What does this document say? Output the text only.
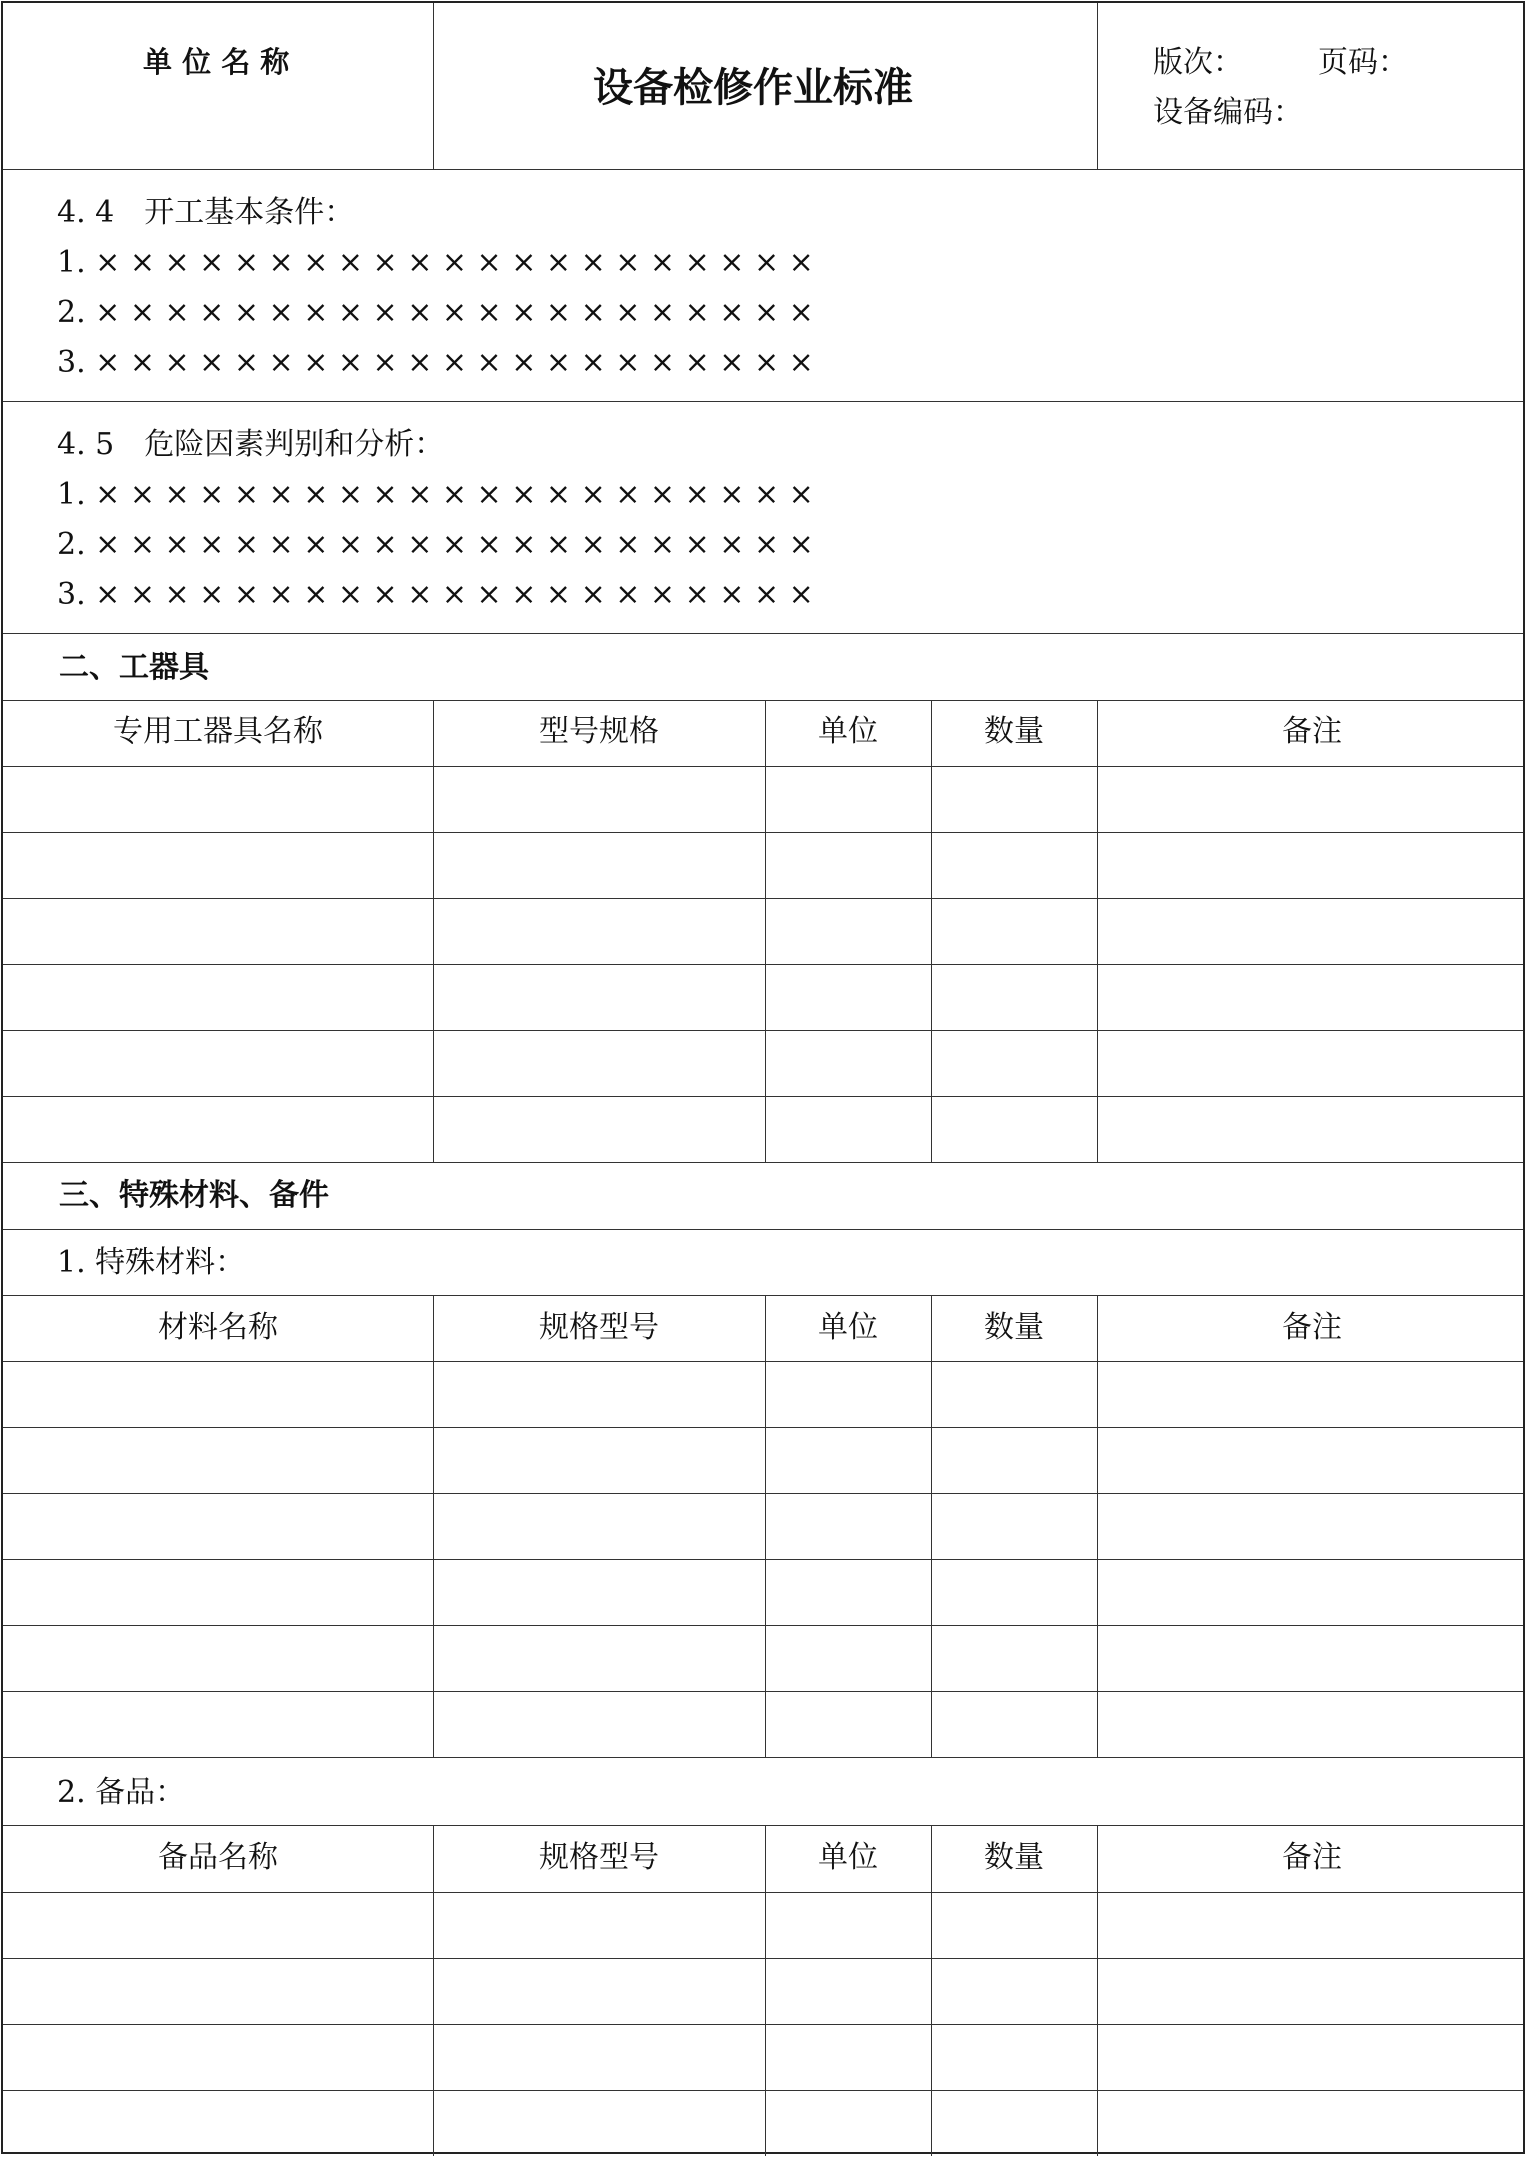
单 位 名 称
设备检修作业标准
版次：	页码：
设备编码：
4. 4　开工基本条件：
1. × × × × × × × × × × × × × × × × × × × × ×
2. × × × × × × × × × × × × × × × × × × × × ×
3. × × × × × × × × × × × × × × × × × × × × ×
4. 5　危险因素判别和分析：
1. × × × × × × × × × × × × × × × × × × × × ×
2. × × × × × × × × × × × × × × × × × × × × ×
3. × × × × × × × × × × × × × × × × × × × × ×
二、工器具
专用工器具名称	型号规格	单位	数量	备注
三、特殊材料、备件
1. 特殊材料：
材料名称	规格型号	单位	数量	备注
2. 备品：
备品名称	规格型号	单位	数量	备注
